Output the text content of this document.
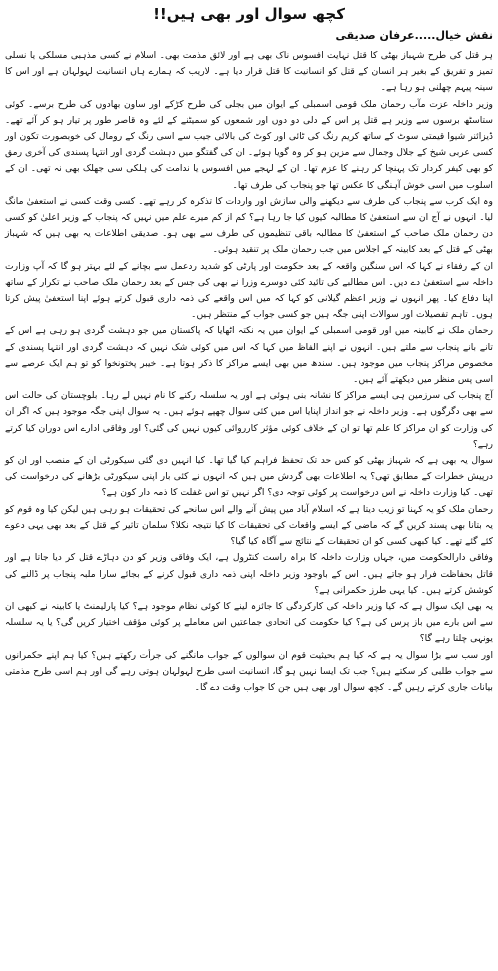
کچھ سوال اور بھی ہیں!!
نقش خیال.....عرفان صدیقی

ہر قتل کی طرح شہباز بھٹی کا قتل نہایت افسوس ناک بھی ہے اور لائق مذمت بھی۔ اسلام نے کسی مذہبی مسلکی یا نسلی تمیز و تفریق کے بغیر ہر انسان کے قتل کو انسانیت کا قتل قرار دیا ہے۔ لاریب کہ ہمارے ہاں انسانیت لہولہان ہے اور اس کا سینہ پیہم چھلنی ہو رہا ہے۔

وزیر داخلہ عزت مآب رحمان ملک قومی اسمبلی کے ایوان میں بجلی کی طرح کڑکے اور ساون بھادوں کی طرح برسے۔ کوئی ستاسٹھ برسوں سے وزیر ہے قتل پر اس کے دلی دو دوں اور شمعوں کو سمیٹنے کے لئے وہ قاصر طور پر تیار ہو کر آئے تھے۔ ڈیزائنر شیوا قیمتی سوٹ کے ساتھ کریم رنگ کی ٹائی اور کوٹ کی بالائی جیب سے اسی رنگ کے رومال کی خوبصورت تکون اور کسی عربی شیخ کے جلال وجمال سے مزین ہو کر وہ گویا ہوئے۔ ان کی گفتگو میں دہشت گردی اور انتہا پسندی کی آخری رمق کو بھی کیفر کردار تک پہنچا کر رہنے کا عزم تھا۔ ان کے لہجے میں افسوس یا ندامت کی ہلکی سی جھلک بھی نہ تھی۔ ان کے اسلوب میں اسی خوش آہنگی کا عکس تھا جو پنجاب کی طرف تھا۔

وہ ایک کرب سے پنجاب کی طرف سے دیکھنے والی سازش اور واردات کا تذکرہ کر رہے تھے۔ کسی وقت کسی نے استعفیٰ مانگ لیا۔ انہوں نے آج ان سے استعفیٰ کا مطالبہ کیوں کیا جا رہا ہے؟ کم از کم میرے علم میں نہیں کہ پنجاب کے وزیر اعلیٰ کو کسی دن رحمان ملک صاحب کے استعفیٰ کا مطالبہ باقی تنظیموں کی طرف سے بھی ہو۔ صدیقی اطلاعات یہ بھی ہیں کہ شہباز بھٹی کے قتل کے بعد کابینہ کے اجلاس میں جب رحمان ملک پر تنقید ہوئی۔

ان کے رفقاء نے کہا کہ اس سنگین واقعہ کے بعد حکومت اور پارٹی کو شدید ردعمل سے بچانے کے لئے بہتر ہو گا کہ آپ وزارت داخلہ سے استعفیٰ دے دیں۔ اس مطالبے کی تائید کئی دوسرے وزرا نے بھی کی جس کے بعد رحمان ملک صاحب نے تکرار کے ساتھ اپنا دفاع کیا۔ پھر انہوں نے وزیر اعظم گیلانی کو کہا کہ میں اس واقعے کی ذمہ داری قبول کرتے ہوئے اپنا استعفیٰ پیش کرتا ہوں۔ تاہم تفصیلات اور سوالات اپنی جگہ ہیں جو کسی جواب کے منتظر ہیں۔

رحمان ملک نے کابینہ میں اور قومی اسمبلی کے ایوان میں یہ نکتہ اٹھایا کہ پاکستان میں جو دہشت گردی ہو رہی ہے اس کے تانے بانے پنجاب سے ملتے ہیں۔ انہوں نے اپنے الفاظ میں کہا کہ اس میں کوئی شک نہیں کہ دہشت گردی اور انتہا پسندی کے مخصوص مراکز پنجاب میں موجود ہیں۔ سندھ میں بھی ایسے مراکز کا ذکر ہوتا ہے۔ خیبر پختونخوا کو تو ہم ایک عرصے سے اسی پس منظر میں دیکھتے آئے ہیں۔

آج پنجاب کی سرزمین ہی ایسے مراکز کا نشانہ بنی ہوئی ہے اور یہ سلسلہ رکنے کا نام نہیں لے رہا۔ بلوچستان کی حالت اس سے بھی دگرگوں ہے۔ وزیر داخلہ نے جو انداز اپنایا اس میں کئی سوال چھپے ہوئے ہیں۔ یہ سوال اپنی جگہ موجود ہیں کہ اگر ان کی وزارت کو ان مراکز کا علم تھا تو ان کے خلاف کوئی مؤثر کارروائی کیوں نہیں کی گئی؟ اور وفاقی ادارے اس دوران کیا کرتے رہے؟

سوال یہ بھی ہے کہ شہباز بھٹی کو کس حد تک تحفظ فراہم کیا گیا تھا۔ کیا انہیں دی گئی سیکورٹی ان کے منصب اور ان کو درپیش خطرات کے مطابق تھی؟ یہ اطلاعات بھی گردش میں ہیں کہ انہوں نے کئی بار اپنی سیکورٹی بڑھانے کی درخواست کی تھی۔ کیا وزارت داخلہ نے اس درخواست پر کوئی توجہ دی؟ اگر نہیں تو اس غفلت کا ذمہ دار کون ہے؟

رحمان ملک کو یہ کہنا تو زیب دیتا ہے کہ اسلام آباد میں پیش آنے والے اس سانحے کی تحقیقات ہو رہی ہیں لیکن کیا وہ قوم کو یہ بتانا بھی پسند کریں گے کہ ماضی کے ایسے واقعات کی تحقیقات کا کیا نتیجہ نکلا؟ سلمان تاثیر کے قتل کے بعد بھی یہی دعوے کئے گئے تھے۔ کیا کبھی کسی کو ان تحقیقات کے نتائج سے آگاہ کیا گیا؟

وفاقی دارالحکومت میں، جہاں وزارت داخلہ کا براہ راست کنٹرول ہے، ایک وفاقی وزیر کو دن دہاڑے قتل کر دیا جاتا ہے اور قاتل بحفاظت فرار ہو جاتے ہیں۔ اس کے باوجود وزیر داخلہ اپنی ذمہ داری قبول کرنے کے بجائے سارا ملبہ پنجاب پر ڈالنے کی کوشش کرتے ہیں۔ کیا یہی طرز حکمرانی ہے؟

یہ بھی ایک سوال ہے کہ کیا وزیر داخلہ کی کارکردگی کا جائزہ لینے کا کوئی نظام موجود ہے؟ کیا پارلیمنٹ یا کابینہ نے کبھی ان سے اس بارے میں باز پرس کی ہے؟ کیا حکومت کی اتحادی جماعتیں اس معاملے پر کوئی مؤقف اختیار کریں گی؟ یا یہ سلسلہ یونہی چلتا رہے گا؟

اور سب سے بڑا سوال یہ ہے کہ کیا ہم بحیثیت قوم ان سوالوں کے جواب مانگنے کی جرأت رکھتے ہیں؟ کیا ہم اپنے حکمرانوں سے جواب طلبی کر سکتے ہیں؟ جب تک ایسا نہیں ہو گا، انسانیت اسی طرح لہولہان ہوتی رہے گی اور ہم اسی طرح مذمتی بیانات جاری کرتے رہیں گے۔ کچھ سوال اور بھی ہیں جن کا جواب وقت دے گا۔
